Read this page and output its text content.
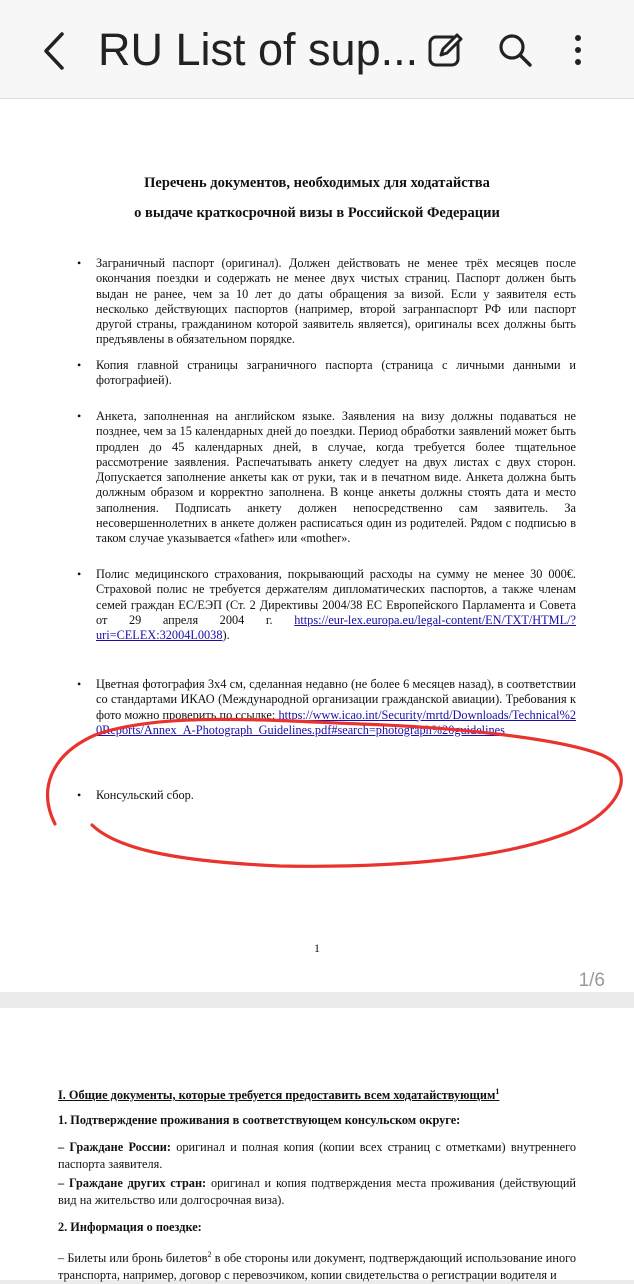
RU List of sup...
Перечень документов, необходимых для ходатайства
о выдаче краткосрочной визы в Российской Федерации
• Заграничный паспорт (оригинал). Должен действовать не менее трёх месяцев после окончания поездки и содержать не менее двух чистых страниц. Паспорт должен быть выдан не ранее, чем за 10 лет до даты обращения за визой. Если у заявителя есть несколько действующих паспортов (например, второй загранпаспорт РФ или паспорт другой страны, гражданином которой заявитель является), оригиналы всех должны быть предъявлены в обязательном порядке.
• Копия главной страницы заграничного паспорта (страница с личными данными и фотографией).
• Анкета, заполненная на английском языке. Заявления на визу должны подаваться не позднее, чем за 15 календарных дней до поездки. Период обработки заявлений может быть продлен до 45 календарных дней, в случае, когда требуется более тщательное рассмотрение заявления. Распечатывать анкету следует на двух листах с двух сторон. Допускается заполнение анкеты как от руки, так и в печатном виде. Анкета должна быть должным образом и корректно заполнена. В конце анкеты должны стоять дата и место заполнения. Подписать анкету должен непосредственно сам заявитель. За несовершеннолетних в анкете должен расписаться один из родителей. Рядом с подписью в таком случае указывается «father» или «mother».
• Полис медицинского страхования, покрывающий расходы на сумму не менее 30 000€. Страховой полис не требуется держателям дипломатических паспортов, а также членам семей граждан ЕС/ЕЭП (Ст. 2 Директивы 2004/38 ЕС Европейского Парламента и Совета от 29 апреля 2004 г. https://eur-lex.europa.eu/legal-content/EN/TXT/HTML/?uri=CELEX:32004L0038).
• Цветная фотография 3х4 см, сделанная недавно (не более 6 месяцев назад), в соответствии со стандартами ИКАО (Международной организации гражданской авиации). Требования к фото можно проверить по ссылке: https://www.icao.int/Security/mrtd/Downloads/Technical%20Reports/Annex_A-Photograph_Guidelines.pdf#search=photograph%20guidelines
• Консульский сбор.
1
1/6
I. Общие документы, которые требуется предоставить всем ходатайствующим$^1$
1. Подтверждение проживания в соответствующем консульском округе:
– Граждане России: оригинал и полная копия (копии всех страниц с отметками) внутреннего паспорта заявителя.
– Граждане других стран: оригинал и копия подтверждения места проживания (действующий вид на жительство или долгосрочная виза).
2. Информация о поездке:
– Билеты или бронь билетов$^2$ в обе стороны или документ, подтверждающий использование иного транспорта, например, договор с перевозчиком, копии свидетельства о регистрации водителя и
